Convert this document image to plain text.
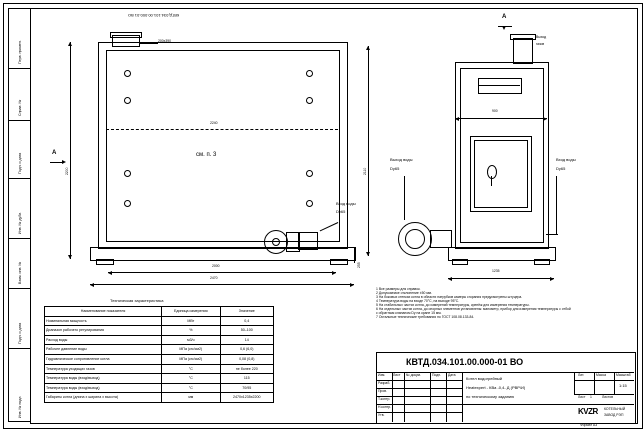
Перв. примен.
Справ. №
Подп. и дата
Инв. № дубл.
Взам. инв. №
Подп. и дата
Инв. № подл.
КВТД.034.101.00.000-01 ВО
2240
200х390
см. п. 3
Вход воды
Dу65
2200	2110
2000
2470
255
A
A
Выход
газов
Выход воды
Dу65
Вход воды
Dу65
900
1235
1 Все размеры для справок.
2 Допускаемое отклонение ±50 мм.
3 На боковых стенках котла в области патрубков камеры сгорания предусмотрены штуцера.
4 Температура воды на входе 70°С, на выходе 95°С.
5 На стабильных частях котла, до измерений температуры, крепёж для измерения температуры.
6 На отдельных частях котла, до опорных элементов установлены: манометр, прибор для измерения температуры с отбой
с обратным клапаном Dy на кране 15 мм.
7 Остальные технические требования по ГОСТ 108.08.133-84.
Техническая характеристика
Наименование показателя	Единица измерения	Значение
Номинальная мощность	МВт	0,4
Диапазон рабочего регулирования	%	50–100
Расход воды	м3/ч	14
Рабочее давление воды	МПа (кгс/см2)	0,6 (6,0)
Гидравлическое сопротивление котла	МПа (кгс/см2)	0,08 (0,8)
Температура уходящих газов	°С	не более 220
Температура воды (вход/выход)	°С	115
Температура воды (вход/выход)	°С	70/95
Габариты котла (длина х ширина х высота)	мм	2470х1235х2200
КВТД.034.101.00.000-01 ВО
Изм. Лист № докум.	Подп. Дата
Разраб.
Пров.
Т.контр.
Н.контр.
Утв.
Котел водогрейный
Heatexpert - КВа -0,4- Д (РВР/И)
по техническому заданию
Лит.	Масса	Масштаб
1:15
Лист 1	Листов
KVZR КОТЕЛЬНЫЙ
ЗАВОД РЭП
Формат А3
